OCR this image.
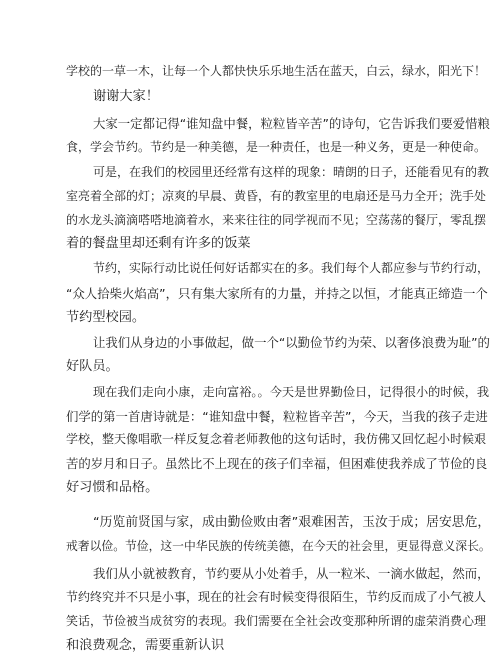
学校的一草一木，让每一个人都快快乐乐地生活在蓝天，白云，绿水，阳光下！
谢谢大家！
大家一定都记得“谁知盘中餐，粒粒皆辛苦”的诗句，它告诉我们要爱惜粮
食，学会节约。节约是一种美德，是一种责任，也是一种义务，更是一种使命。
可是，在我们的校园里还经常有这样的现象：晴朗的日子，还能看见有的教
室亮着全部的灯；凉爽的早晨、黄昏，有的教室里的电扇还是马力全开；洗手处
的水龙头滴滴嗒嗒地滴着水，来来往往的同学视而不见；空荡荡的餐厅，零乱摆
着的餐盘里却还剩有许多的饭菜
节约，实际行动比说任何好话都实在的多。我们每个人都应参与节约行动，
“众人拾柴火焰高”，只有集大家所有的力量，并持之以恒，才能真正缔造一个
节约型校园。
让我们从身边的小事做起，做一个“以勤俭节约为荣、以奢侈浪费为耻”的
好队员。
现在我们走向小康，走向富裕。。今天是世界勤俭日，记得很小的时候，我
们学的第一首唐诗就是：“谁知盘中餐，粒粒皆辛苦”，今天，当我的孩子走进
学校，整天像唱歌一样反复念着老师教他的这句话时，我仿佛又回忆起小时候艰
苦的岁月和日子。虽然比不上现在的孩子们幸福，但困难使我养成了节俭的良
好习惯和品格。
“历览前贤国与家，成由勤俭败由奢”艰难困苦，玉汝于成；居安思危，
戒奢以俭。节俭，这一中华民族的传统美德，在今天的社会里，更显得意义深长。
我们从小就被教育，节约要从小处着手，从一粒米、一滴水做起，然而，
节约终究并不只是小事，现在的社会有时候变得很陌生，节约反而成了小气被人
笑话，节俭被当成贫穷的表现。我们需要在全社会改变那种所谓的虚荣消费心理
和浪费观念，需要重新认识
